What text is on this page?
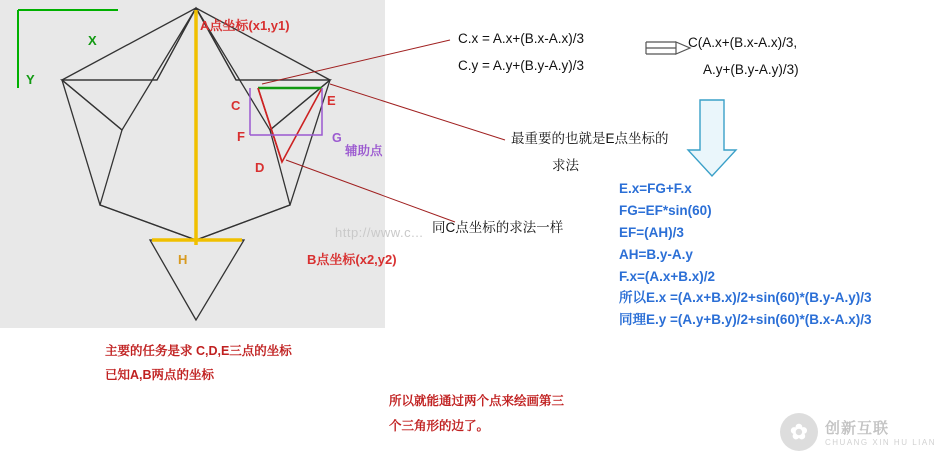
X
Y
A点坐标(x1,y1)
B点坐标(x2,y2)
C
D
E
F	G
H
辅助点
C.x = A.x+(B.x-A.x)/3
C.y = A.y+(B.y-A.y)/3
C(A.x+(B.x-A.x)/3,
A.y+(B.y-A.y)/3)
最重要的也就是E点坐标的
求法
同C点坐标的求法一样
E.x=FG+F.x
FG=EF*sin(60)
EF=(AH)/3
AH=B.y-A.y
F.x=(A.x+B.x)/2
所以E.x =(A.x+B.x)/2+sin(60)*(B.y-A.y)/3
同理E.y =(A.y+B.y)/2+sin(60)*(B.x-A.x)/3
主要的任务是求 C,D,E三点的坐标
已知A,B两点的坐标
所以就能通过两个点来绘画第三
个三角形的边了。
http://www.c...
✿	创新互联
CHUANG XIN HU LIAN
